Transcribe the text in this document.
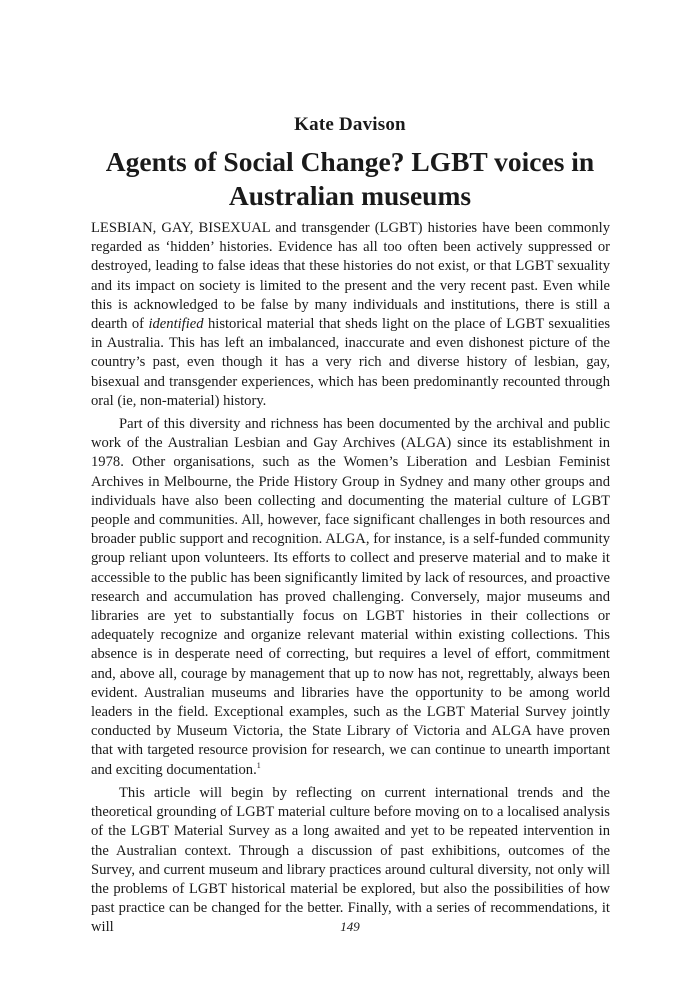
Kate Davison
Agents of Social Change? LGBT voices in Australian museums

LESBIAN, GAY, BISEXUAL and transgender (LGBT) histories have been commonly regarded as ‘hidden’ histories. Evidence has all too often been actively suppressed or destroyed, leading to false ideas that these histories do not exist, or that LGBT sexuality and its impact on society is limited to the present and the very recent past. Even while this is acknowledged to be false by many individuals and institutions, there is still a dearth of identified historical material that sheds light on the place of LGBT sexualities in Australia. This has left an imbalanced, inaccurate and even dishonest picture of the country’s past, even though it has a very rich and diverse history of lesbian, gay, bisexual and transgender experiences, which has been predominantly recounted through oral (ie, non-material) history.

Part of this diversity and richness has been documented by the archival and public work of the Australian Lesbian and Gay Archives (ALGA) since its establishment in 1978. Other organisations, such as the Women’s Liberation and Lesbian Feminist Archives in Melbourne, the Pride History Group in Sydney and many other groups and individuals have also been collecting and documenting the material culture of LGBT people and communities. All, however, face significant challenges in both resources and broader public support and recognition. ALGA, for instance, is a self-funded community group reliant upon volunteers. Its efforts to collect and preserve material and to make it accessible to the public has been significantly limited by lack of resources, and proactive research and accumulation has proved challenging. Conversely, major museums and libraries are yet to substantially focus on LGBT histories in their collections or adequately recognize and organize relevant material within existing collections. This absence is in desperate need of correcting, but requires a level of effort, commitment and, above all, courage by management that up to now has not, regrettably, always been evident. Australian museums and libraries have the opportunity to be among world leaders in the field. Exceptional examples, such as the LGBT Material Survey jointly conducted by Museum Victoria, the State Library of Victoria and ALGA have proven that with targeted resource provision for research, we can continue to unearth important and exciting documentation.$^1$

This article will begin by reflecting on current international trends and the theoretical grounding of LGBT material culture before moving on to a localised analysis of the LGBT Material Survey as a long awaited and yet to be repeated intervention in the Australian context. Through a discussion of past exhibitions, outcomes of the Survey, and current museum and library practices around cultural diversity, not only will the problems of LGBT historical material be explored, but also the possibilities of how past practice can be changed for the better. Finally, with a series of recommendations, it will	149
